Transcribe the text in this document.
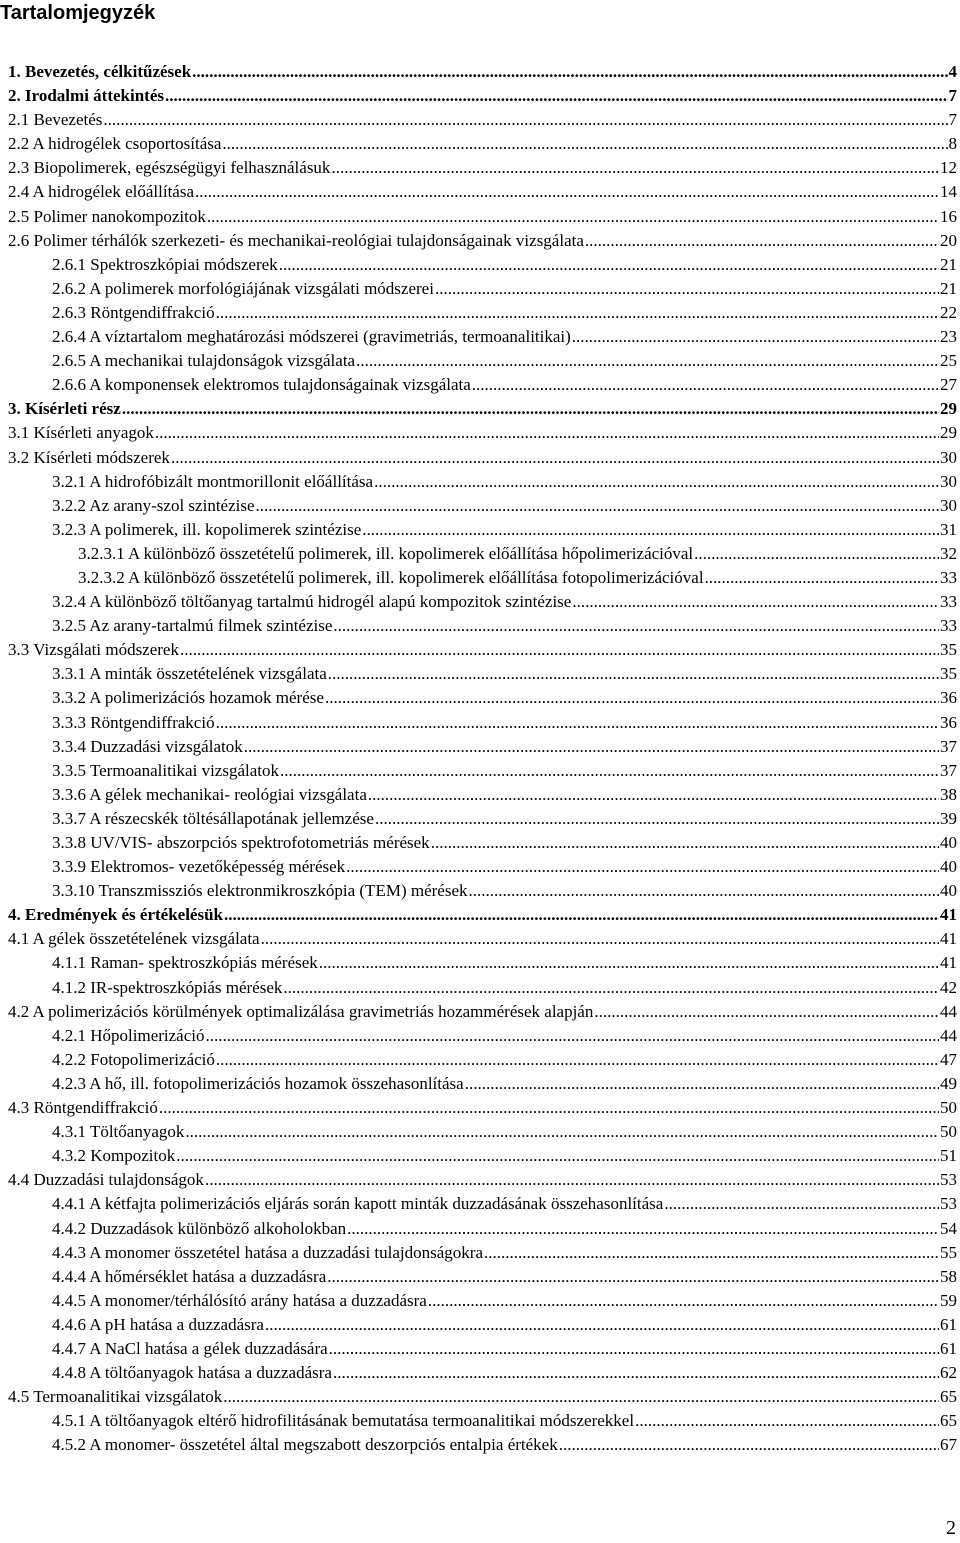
Tartalomjegyzék
1. Bevezetés, célkitűzések .....	4
2. Irodalmi áttekintés .....	7
2.1 Bevezetés .....	7
2.2 A hidrogélek csoportosítása .....	8
2.3 Biopolimerek, egészségügyi felhasználásuk .....	12
2.4 A hidrogélek előállítása .....	14
2.5 Polimer nanokompozitok .....	16
2.6 Polimer térhálók szerkezeti- és mechanikai-reológiai tulajdonságainak vizsgálata .....	20
2.6.1 Spektroszkópiai módszerek .....	21
2.6.2 A polimerek morfológiájának vizsgálati módszerei .....	21
2.6.3 Röntgendiffrakció .....	22
2.6.4 A víztartalom meghatározási módszerei (gravimetriás, termoanalitikai) .....	23
2.6.5 A mechanikai tulajdonságok vizsgálata .....	25
2.6.6 A komponensek elektromos tulajdonságainak vizsgálata .....	27
3. Kísérleti rész .....	29
3.1 Kísérleti anyagok .....	29
3.2 Kísérleti módszerek .....	30
3.2.1 A hidrofóbizált montmorillonit előállítása .....	30
3.2.2 Az arany-szol szintézise .....	30
3.2.3 A polimerek, ill. kopolimerek szintézise .....	31
3.2.3.1 A különböző összetételű polimerek, ill. kopolimerek előállítása hőpolimerizációval .....	32
3.2.3.2 A különböző összetételű polimerek, ill. kopolimerek előállítása fotopolimerizációval .....	33
3.2.4 A különböző töltőanyag tartalmú hidrogél alapú kompozitok szintézise .....	33
3.2.5 Az arany-tartalmú filmek szintézise .....	33
3.3 Vizsgálati módszerek .....	35
3.3.1 A minták összetételének vizsgálata .....	35
3.3.2 A polimerizációs hozamok mérése .....	36
3.3.3 Röntgendiffrakció .....	36
3.3.4 Duzzadási vizsgálatok .....	37
3.3.5 Termoanalitikai vizsgálatok .....	37
3.3.6 A gélek mechanikai- reológiai vizsgálata .....	38
3.3.7 A részecskék töltésállapotának jellemzése .....	39
3.3.8 UV/VIS- abszorpciós spektrofotometriás mérések .....	40
3.3.9 Elektromos- vezetőképesség mérések .....	40
3.3.10 Transzmissziós elektronmikroszkópia (TEM) mérések .....	40
4. Eredmények és értékelésük .....	41
4.1 A gélek összetételének vizsgálata .....	41
4.1.1 Raman- spektroszkópiás mérések .....	41
4.1.2 IR-spektroszkópiás mérések .....	42
4.2 A polimerizációs körülmények optimalizálása gravimetriás hozammérések alapján .....	44
4.2.1 Hőpolimerizáció .....	44
4.2.2 Fotopolimerizáció .....	47
4.2.3 A hő, ill. fotopolimerizációs hozamok összehasonlítása .....	49
4.3 Röntgendiffrakció .....	50
4.3.1 Töltőanyagok .....	50
4.3.2 Kompozitok .....	51
4.4 Duzzadási tulajdonságok .....	53
4.4.1 A kétfajta polimerizációs eljárás során kapott minták duzzadásának összehasonlítása .....	53
4.4.2 Duzzadások különböző alkoholokban .....	54
4.4.3 A monomer összetétel hatása a duzzadási tulajdonságokra .....	55
4.4.4 A hőmérséklet hatása a duzzadásra .....	58
4.4.5 A monomer/térhálósító arány hatása a duzzadásra .....	59
4.4.6 A pH hatása a duzzadásra .....	61
4.4.7 A NaCl hatása a gélek duzzadására .....	61
4.4.8 A töltőanyagok hatása a duzzadásra .....	62
4.5 Termoanalitikai vizsgálatok .....	65
4.5.1 A töltőanyagok eltérő hidrofilitásának bemutatása termoanalitikai módszerekkel .....	65
4.5.2 A monomer- összetétel által megszabott deszorpciós entalpia értékek .....	67
2
